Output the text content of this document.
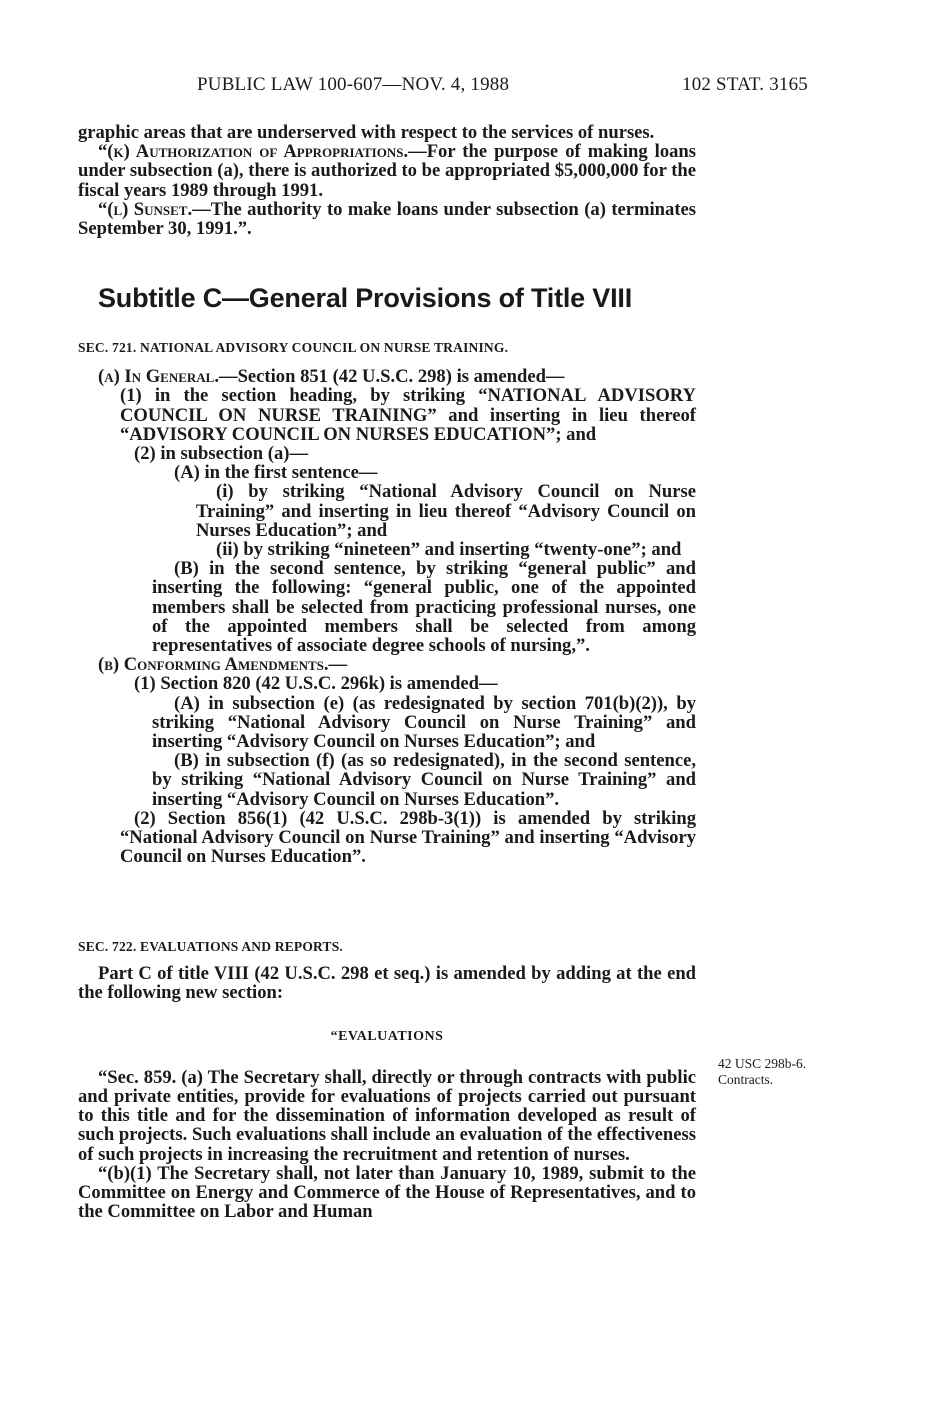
PUBLIC LAW 100-607—NOV. 4, 1988	102 STAT. 3165

graphic areas that are underserved with respect to the services of nurses.

“(k) Authorization of Appropriations.—For the purpose of making loans under subsection (a), there is authorized to be appropriated $5,000,000 for the fiscal years 1989 through 1991.

“(l) Sunset.—The authority to make loans under subsection (a) terminates September 30, 1991.”.

Subtitle C—General Provisions of Title VIII

SEC. 721. NATIONAL ADVISORY COUNCIL ON NURSE TRAINING.

(a) In General.—Section 851 (42 U.S.C. 298) is amended—

(1) in the section heading, by striking “NATIONAL ADVISORY COUNCIL ON NURSE TRAINING” and inserting in lieu thereof “ADVISORY COUNCIL ON NURSES EDUCATION”; and

(2) in subsection (a)—

(A) in the first sentence—

(i) by striking “National Advisory Council on Nurse Training” and inserting in lieu thereof “Advisory Council on Nurses Education”; and

(ii) by striking “nineteen” and inserting “twenty-one”; and

(B) in the second sentence, by striking “general public” and inserting the following: “general public, one of the appointed members shall be selected from practicing professional nurses, one of the appointed members shall be selected from among representatives of associate degree schools of nursing,”.

(b) Conforming Amendments.—

(1) Section 820 (42 U.S.C. 296k) is amended—

(A) in subsection (e) (as redesignated by section 701(b)(2)), by striking “National Advisory Council on Nurse Training” and inserting “Advisory Council on Nurses Education”; and

(B) in subsection (f) (as so redesignated), in the second sentence, by striking “National Advisory Council on Nurse Training” and inserting “Advisory Council on Nurses Education”.

(2) Section 856(1) (42 U.S.C. 298b-3(1)) is amended by striking “National Advisory Council on Nurse Training” and inserting “Advisory Council on Nurses Education”.

SEC. 722. EVALUATIONS AND REPORTS.

Part C of title VIII (42 U.S.C. 298 et seq.) is amended by adding at the end the following new section:

“EVALUATIONS

“Sec. 859. (a) The Secretary shall, directly or through contracts with public and private entities, provide for evaluations of projects carried out pursuant to this title and for the dissemination of information developed as result of such projects. Such evaluations shall include an evaluation of the effectiveness of such projects in increasing the recruitment and retention of nurses.

“(b)(1) The Secretary shall, not later than January 10, 1989, submit to the Committee on Energy and Commerce of the House of Representatives, and to the Committee on Labor and Human

42 USC 298b-6.
Contracts.
